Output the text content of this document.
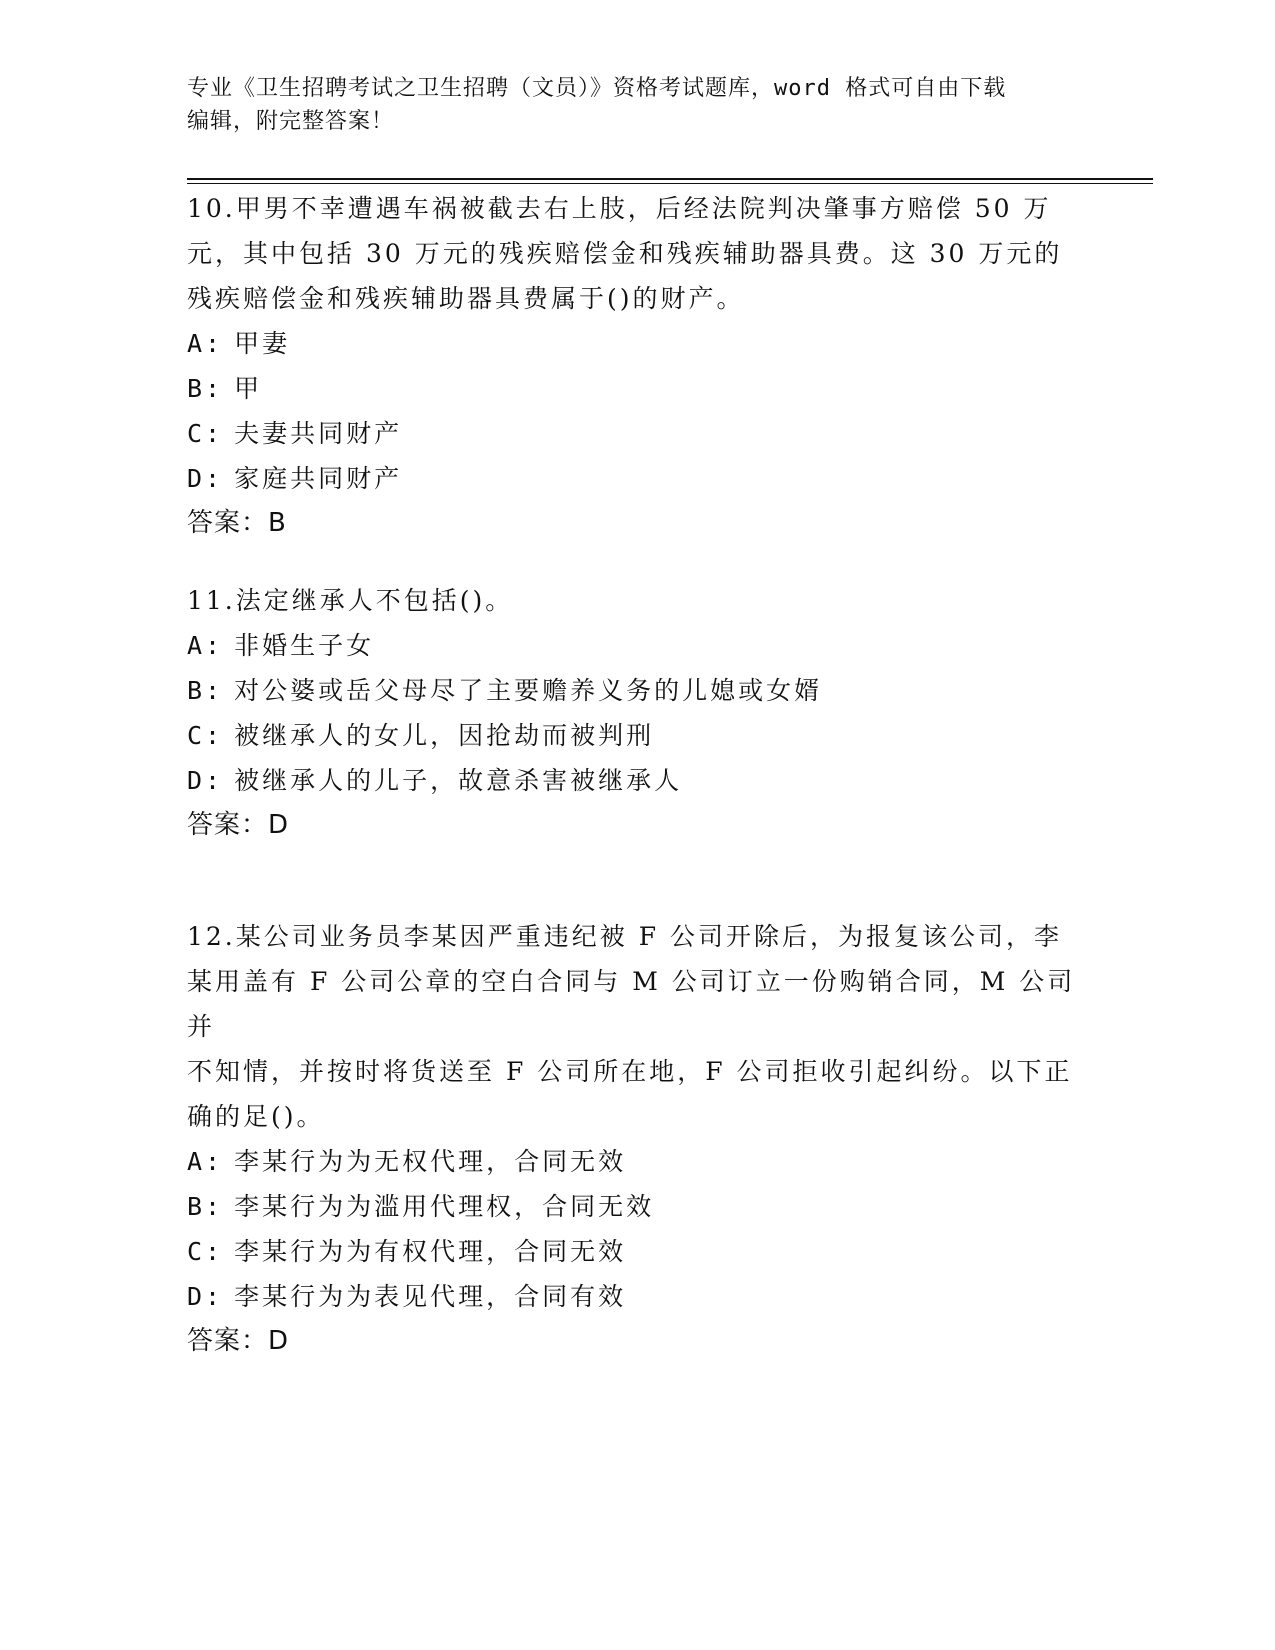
专业《卫生招聘考试之卫生招聘（文员）》资格考试题库，word 格式可自由下载
编辑，附完整答案！

10.甲男不幸遭遇车祸被截去右上肢，后经法院判决肇事方赔偿 50 万

元，其中包括 30 万元的残疾赔偿金和残疾辅助器具费。这 30 万元的

残疾赔偿金和残疾辅助器具费属于()的财产。

A: 甲妻

B: 甲

C: 夫妻共同财产

D: 家庭共同财产

答案：B

11.法定继承人不包括()。

A: 非婚生子女

B: 对公婆或岳父母尽了主要赡养义务的儿媳或女婿

C: 被继承人的女儿，因抢劫而被判刑

D: 被继承人的儿子，故意杀害被继承人

答案：D

12.某公司业务员李某因严重违纪被 F 公司开除后，为报复该公司，李

某用盖有 F 公司公章的空白合同与 M 公司订立一份购销合同，M 公司并

不知情，并按时将货送至 F 公司所在地，F 公司拒收引起纠纷。以下正

确的足()。

A: 李某行为为无权代理，合同无效

B: 李某行为为滥用代理权，合同无效

C: 李某行为为有权代理，合同无效

D: 李某行为为表见代理，合同有效

答案：D
